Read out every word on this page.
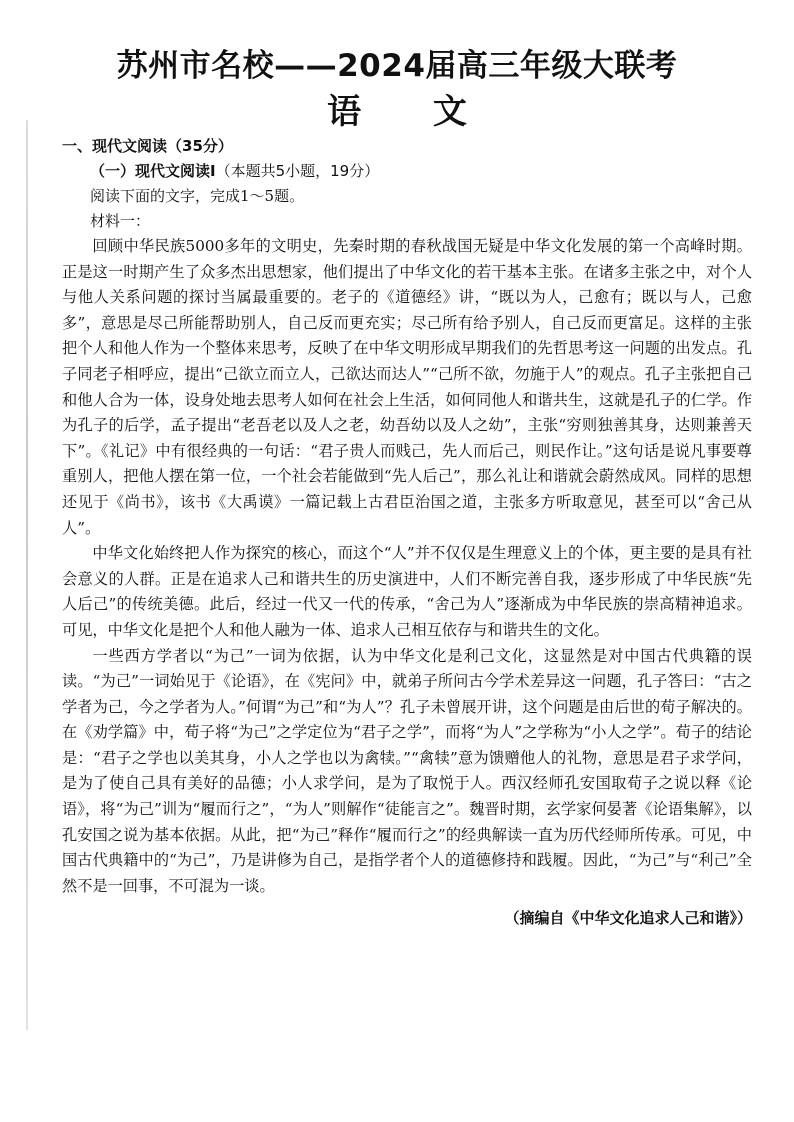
苏州市名校——2024届高三年级大联考
语 文
一、现代文阅读（35分）
（一）现代文阅读Ⅰ（本题共5小题，19分）
阅读下面的文字，完成1～5题。
材料一：

回顾中华民族5000多年的文明史，先秦时期的春秋战国无疑是中华文化发展的第一个高峰时期。正是这一时期产生了众多杰出思想家，他们提出了中华文化的若干基本主张。在诸多主张之中，对个人与他人关系问题的探讨当属最重要的。老子的《道德经》讲，“既以为人，己愈有；既以与人，己愈多”，意思是尽己所能帮助别人，自己反而更充实；尽己所有给予别人，自己反而更富足。这样的主张把个人和他人作为一个整体来思考，反映了在中华文明形成早期我们的先哲思考这一问题的出发点。孔子同老子相呼应，提出“己欲立而立人，己欲达而达人”“己所不欲，勿施于人”的观点。孔子主张把自己和他人合为一体，设身处地去思考人如何在社会上生活，如何同他人和谐共生，这就是孔子的仁学。作为孔子的后学，孟子提出“老吾老以及人之老，幼吾幼以及人之幼”，主张“穷则独善其身，达则兼善天下”。《礼记》中有很经典的一句话：“君子贵人而贱己，先人而后己，则民作让。”这句话是说凡事要尊重别人，把他人摆在第一位，一个社会若能做到“先人后己”，那么礼让和谐就会蔚然成风。同样的思想还见于《尚书》，该书《大禹谟》一篇记载上古君臣治国之道，主张多方听取意见，甚至可以“舍己从人”。

中华文化始终把人作为探究的核心，而这个“人”并不仅仅是生理意义上的个体，更主要的是具有社会意义的人群。正是在追求人己和谐共生的历史演进中，人们不断完善自我，逐步形成了中华民族“先人后己”的传统美德。此后，经过一代又一代的传承，“舍己为人”逐渐成为中华民族的崇高精神追求。可见，中华文化是把个人和他人融为一体、追求人己相互依存与和谐共生的文化。

一些西方学者以“为己”一词为依据，认为中华文化是利己文化，这显然是对中国古代典籍的误读。“为己”一词始见于《论语》，在《宪问》中，就弟子所问古今学术差异这一问题，孔子答曰：“古之学者为己，今之学者为人。”何谓“为己”和“为人”？孔子未曾展开讲，这个问题是由后世的荀子解决的。在《劝学篇》中，荀子将“为己”之学定位为“君子之学”，而将“为人”之学称为“小人之学”。荀子的结论是：“君子之学也以美其身，小人之学也以为禽犊。”“禽犊”意为馈赠他人的礼物，意思是君子求学问，是为了使自己具有美好的品德；小人求学问，是为了取悦于人。西汉经师孔安国取荀子之说以释《论语》，将“为己”训为“履而行之”，“为人”则解作“徒能言之”。魏晋时期，玄学家何晏著《论语集解》，以孔安国之说为基本依据。从此，把“为己”释作“履而行之”的经典解读一直为历代经师所传承。可见，中国古代典籍中的“为己”，乃是讲修为自己，是指学者个人的道德修持和践履。因此，“为己”与“利己”全然不是一回事，不可混为一谈。

（摘编自《中华文化追求人己和谐》）
